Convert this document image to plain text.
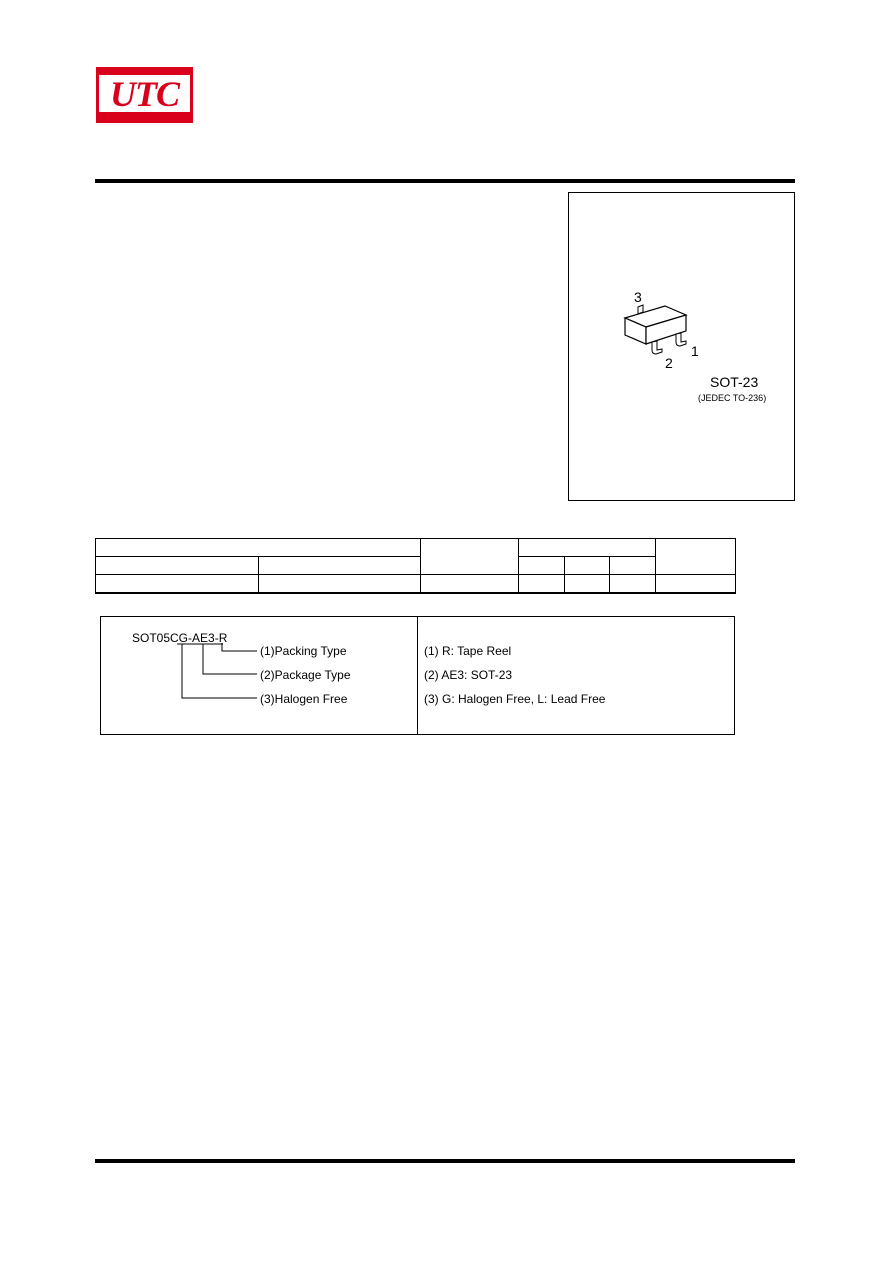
UTC
3
2
1
SOT-23
(JEDEC TO-236)

SOT05CG-AE3-R
(1)Packing Type
(2)Package Type
(3)Halogen Free
(1) R: Tape Reel
(2) AE3: SOT-23
(3) G: Halogen Free, L: Lead Free
